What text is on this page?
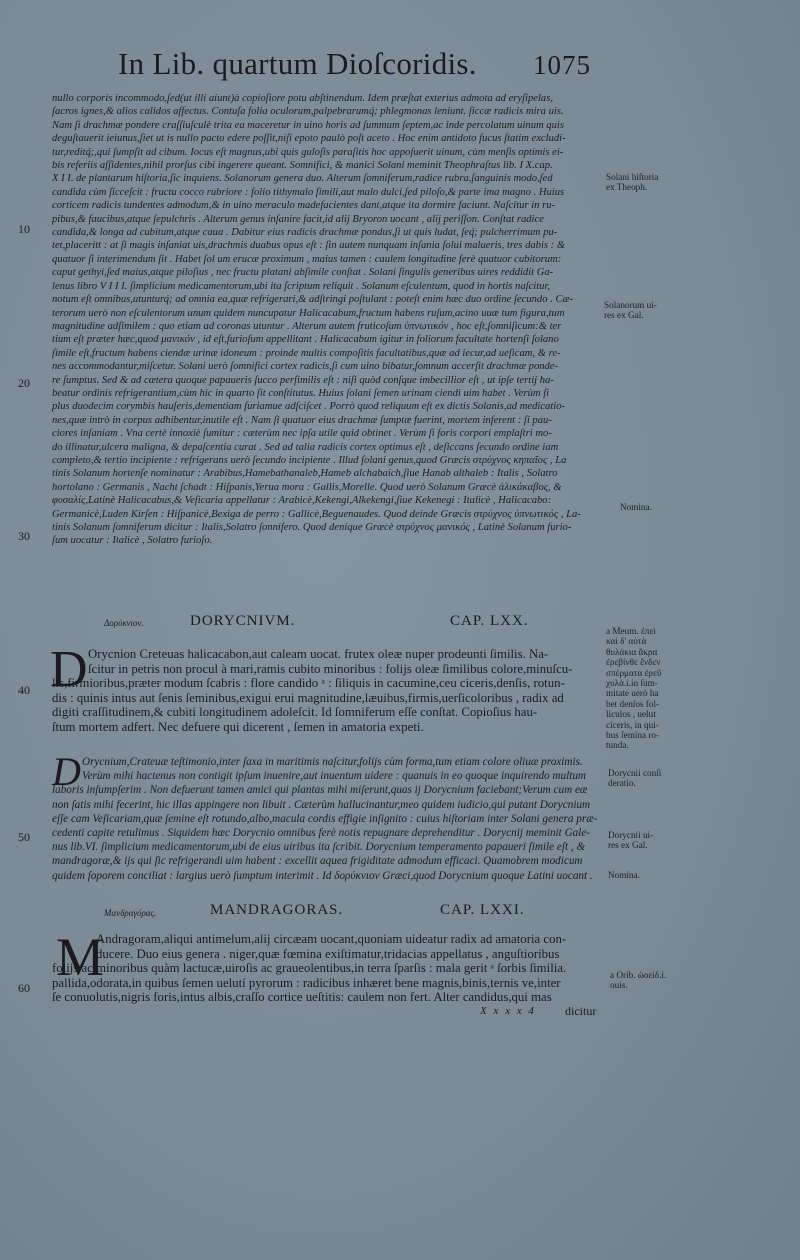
In Lib. quartum Dioſcoridis. 1075
10
20
30
40
50
60
nullo corporis incommodo,ſed(ut illi aiunt)à copioſiore potu abſtinendum. Idem præſtat exterius admota ad eryſipelas,
ſacros ignes,& alios calidos affectus. Contuſa folia oculorum,palpebrarumq́; phlegmonas leniunt. ſiccæ radicis mira uis.
Nam ſi drachmæ pondere craſſiuſculè trita ea maceretur in uino horis ad ſummum ſeptem,ac inde percolatum uinum quis
deguſtauerit ieiunus,ſiet ut is nullo pacto edere poſſit,niſi epoto paulò poſt aceto . Hoc enim antidoto fucus ſtatim excludi-
tur,reditq́;,qui ſumpſit ad cibum. Iocus eſt magnus,ubi quis guloſis paraſitis hoc appoſuerit uinum, cùm menſis optimis ei-
bis referiis aſſidentes,nihil prorſus cibi ingerere queant. Somnifici, & manici Solani meminit Theophraſtus lib. I X.cap.
X I I. de plantarum hiſtoria,ſic inquiens. Solanorum genera duo. Alterum ſomniferum,radice rubra,ſanguinis modo,ſed
candida cùm ſicceſcit : fructu cocco rubriore : folio tithymalo ſimili,aut malo dulci,ſed piloſo,& parte ima magno . Huius
corticem radicis tundentes admodum,& in uino meraculo madefacientes dant,atque ita dormire faciunt. Naſcitur in ru-
pibus,& faucibus,atque ſepulchris . Alterum genus inſanire facit,id alij Bryoron uocant , alij periſſon. Conſtat radice
candida,& longa ad cubitum,atque caua . Dabitur eius radicis drachmæ pondus,ſi ut quis ludat, ſeq́; pulcherrimum pu-
tet,placeritt : at ſi magis inſaniat uis,drachmis duabus opus eſt : ſin autem nunquam inſania ſolui malueris, tres dabis : &
quatuor ſi interimendum ſit . Habet ſol um erucæ proximum , maius tamen : caulem longitudine ferè quatuor cubitorum:
caput gethyi,ſed maius,atque piloſius , nec fructu platani abſimile conſtat . Solani ſingulis generibus uires reddidit Ga-
lenus libro V I I I. ſimplicium medicamentorum,ubi ita ſcriptum reliquit . Solanum eſculentum, quod in hortis naſcitur,
notum eſt omnibus,utunturq́; ad omnia ea,quæ refrigerari,& adſtringi poſtulant : poteſt enim hæc duo ordine ſecundo . Cæ-
terorum uerò non eſculentorum unum quidem nuncupatur Halicacabum,fructum habens ruſum,acino uuæ tum figura,tum
magnitudine adſimilem : quo etiam ad coronas utuntur . Alterum autem fruticoſum ὑπνωτικόν , hoc eſt,ſomniſicum:& ter
tium eſt præter hæc,quod μανικόν , id eſt,furioſum appellitant . Halicacabum igitur in foliorum facultate hortenſi ſolano
ſimile eſt,fructum habens ciendæ urinæ idoneum : proinde multis compoſitis facultatibus,quæ ad iecur,ad ueſicam, & re-
nes accommodantur,miſcetur. Solani uerò ſomnifici cortex radicis,ſi cum uino bibatur,ſomnum accerſit drachmæ ponde-
re ſumptus. Sed & ad cætera quoque papaueris ſucco perſimilis eſt : niſi quòd conſque imbecillior eſt , ut ipſe tertij ha-
beatur ordinis refrigerantium,cùm hic in quarto ſit conſtitutus. Huius ſolani ſemen urinam ciendi uim habet . Verùm ſi
plus duodecim corymbis hauſeris,dementiam furiamue adſciſcet . Porrò quod reliquum eſt ex dictis Solanis,ad medicatio-
nes,quæ intrò in corpus adhibentur,inutile eſt . Nam ſi quatuor eius drachmæ ſumptæ fuerint, mortem inferent : ſi pau-
ciores inſaniam . Vna certè innoxiè ſumitur : cæterùm nec ipſa utile quid obtinet . Verùm ſi foris corpori emplaſtri mo-
do illinatur,ulcera maligna, & depaſcentia curat . Sed ad talia radicis cortex optimus eſt , deſiccans ſecundo ordine iam
completo,& tertio incipiente : refrigerans uerò ſecundo incipiente . Illud ſolani genus,quod Græcis στρύχνος κηπαῖος , La
tinis Solanum hortenſe nominatur : Arabibus,Hamebathanaleb,Hameb alchabaich,ſiue Hanab althaleb : Italis , Solatro
hortolano : Germanis , Nacht ſchadt : Hiſpanis,Yerua mora : Gallis,Morelle. Quod uerò Solanum Græcè ἁλικάκαβος, &
φυσαλίς,Latinè Halicacabus,& Veſicaria appellatur : Arabicè,Kekengi,Alkekengi,ſiue Kekenegi : Italicè , Halicacabo:
Germanicè,Luden Kirſen : Hiſpanicè,Bexiga de perro : Gallicè,Beguenaudes. Quod deinde Græcis στρύχνος ὑπνωτικός , La-
tinis Solanum ſomniferum dicitur : Italis,Solatro ſonnifero. Quod denique Græcè στρύχνος μανικός , Latinè Solanum furio-
ſum uocatur : Italicè , Solatro furioſo.
Solani hiſtoria
ex Theoph.
Solanorum ui-
res ex Gal.
Nomina.
Δορύκνιον.	DORYCNIVM.	CAP. LXX.
D Orycnion Creteuas halicacabon,aut caleam uocat. frutex oleæ nuper prodeunti ſimilis. Na-
ſcitur in petris non procul à mari,ramis cubito minoribus : folijs oleæ ſimilibus colore,minuſcu-
lis,firmioribus,præter modum ſcabris : flore candido ᵃ : ſiliquis in cacumine,ceu ciceris,denſis, rotun-
dis : quinis intus aut ſenis ſeminibus,exigui erui magnitudine,læuibus,firmis,uerſicoloribus , radix ad
digiti craſſitudinem,& cubiti longitudinem adoleſcit. Id ſomniferum eſſe conſtat. Copioſius hau-
ſtum mortem adfert. Nec defuere qui dicerent , ſemen in amatoria expeti.
a Meum. ἐπεὶ
καὶ δ' αὐτὰ
θυλάκια ἄκρα
ἐρεβίνθε ἔνδεν
σπέρματα ἐρεῦ
χυλά.i.in ſum-
mitate uerò ha
bet denſos fol-
liculos , uelut
ciceris, in qui-
bus ſemina ro-
tunda.
D Orycnium,Crateuæ teſtimonio,inter ſaxa in maritimis naſcitur,folijs cùm forma,tum etiam colore oliuæ proximis.
Verùm mihi hactenus non contigit ipſum inuenire,aut inuentum uidere : quanuis in eo quoque inquirendo multum
laboris inſumpſerim . Non defuerunt tamen amici qui plantas mihi miſerunt,quas ij Dorycnium faciebant;Verum cum eæ
non ſatis mihi fecerint, hic illas appingere non libuit . Cæterùm hallucinantur,meo quidem iudicio,qui putant Dorycnium
eſſe cam Veſicariam,quæ ſemine eſt rotundo,albo,macula cordis effigie inſignito : cuius hiſtoriam inter Solani genera præ-
cedenti capite retulimus . Siquidem hæc Dorycnio omnibus ferè notis repugnare deprehenditur . Dorycnij meminit Gale-
nus lib.VI. ſimplicium medicamentorum,ubi de eius uiribus ita ſcribit. Dorycnium temperamento papaueri ſimile eſt , &
mandragoræ,& ijs qui ſic refrigerandi uim habent : excellit aquea frigiditate admodum efficaci. Quamobrem modicum
quidem ſoporem conciliat : largius uerò ſumptum interimit . Id δορύκνιον Græci,quod Dorycnium quoque Latini uocant .
Dorycnii conſi
deratio.
Dorycnii ui-
res ex Gal.
Nomina.
Μανδραγόρας.	MANDRAGORAS.	CAP. LXXI.
M
Andragoram,aliqui antimelum,alij circæam uocant,quoniam uideatur radix ad amatoria con-
ducere. Duo eius genera . niger,quæ fœmina exiſtimatur,tridacias appellatus , anguſtioribus
folijs ac minoribus quàm lactucæ,uiroſis ac graueolentibus,in terra ſparſis : mala gerit ᵃ ſorbis ſimilia.
pallida,odorata,in quibus ſemen uelutí pyrorum : radicibus inhæret bene magnis,binis,ternis ve,inter
ſe conuolutis,nigris foris,intus albis,craſſo cortice ueſtitis: caulem non fert. Alter candidus,qui mas
a Orib. ὠοείδ.i.
ouis.
X x x x 4 dicitur
